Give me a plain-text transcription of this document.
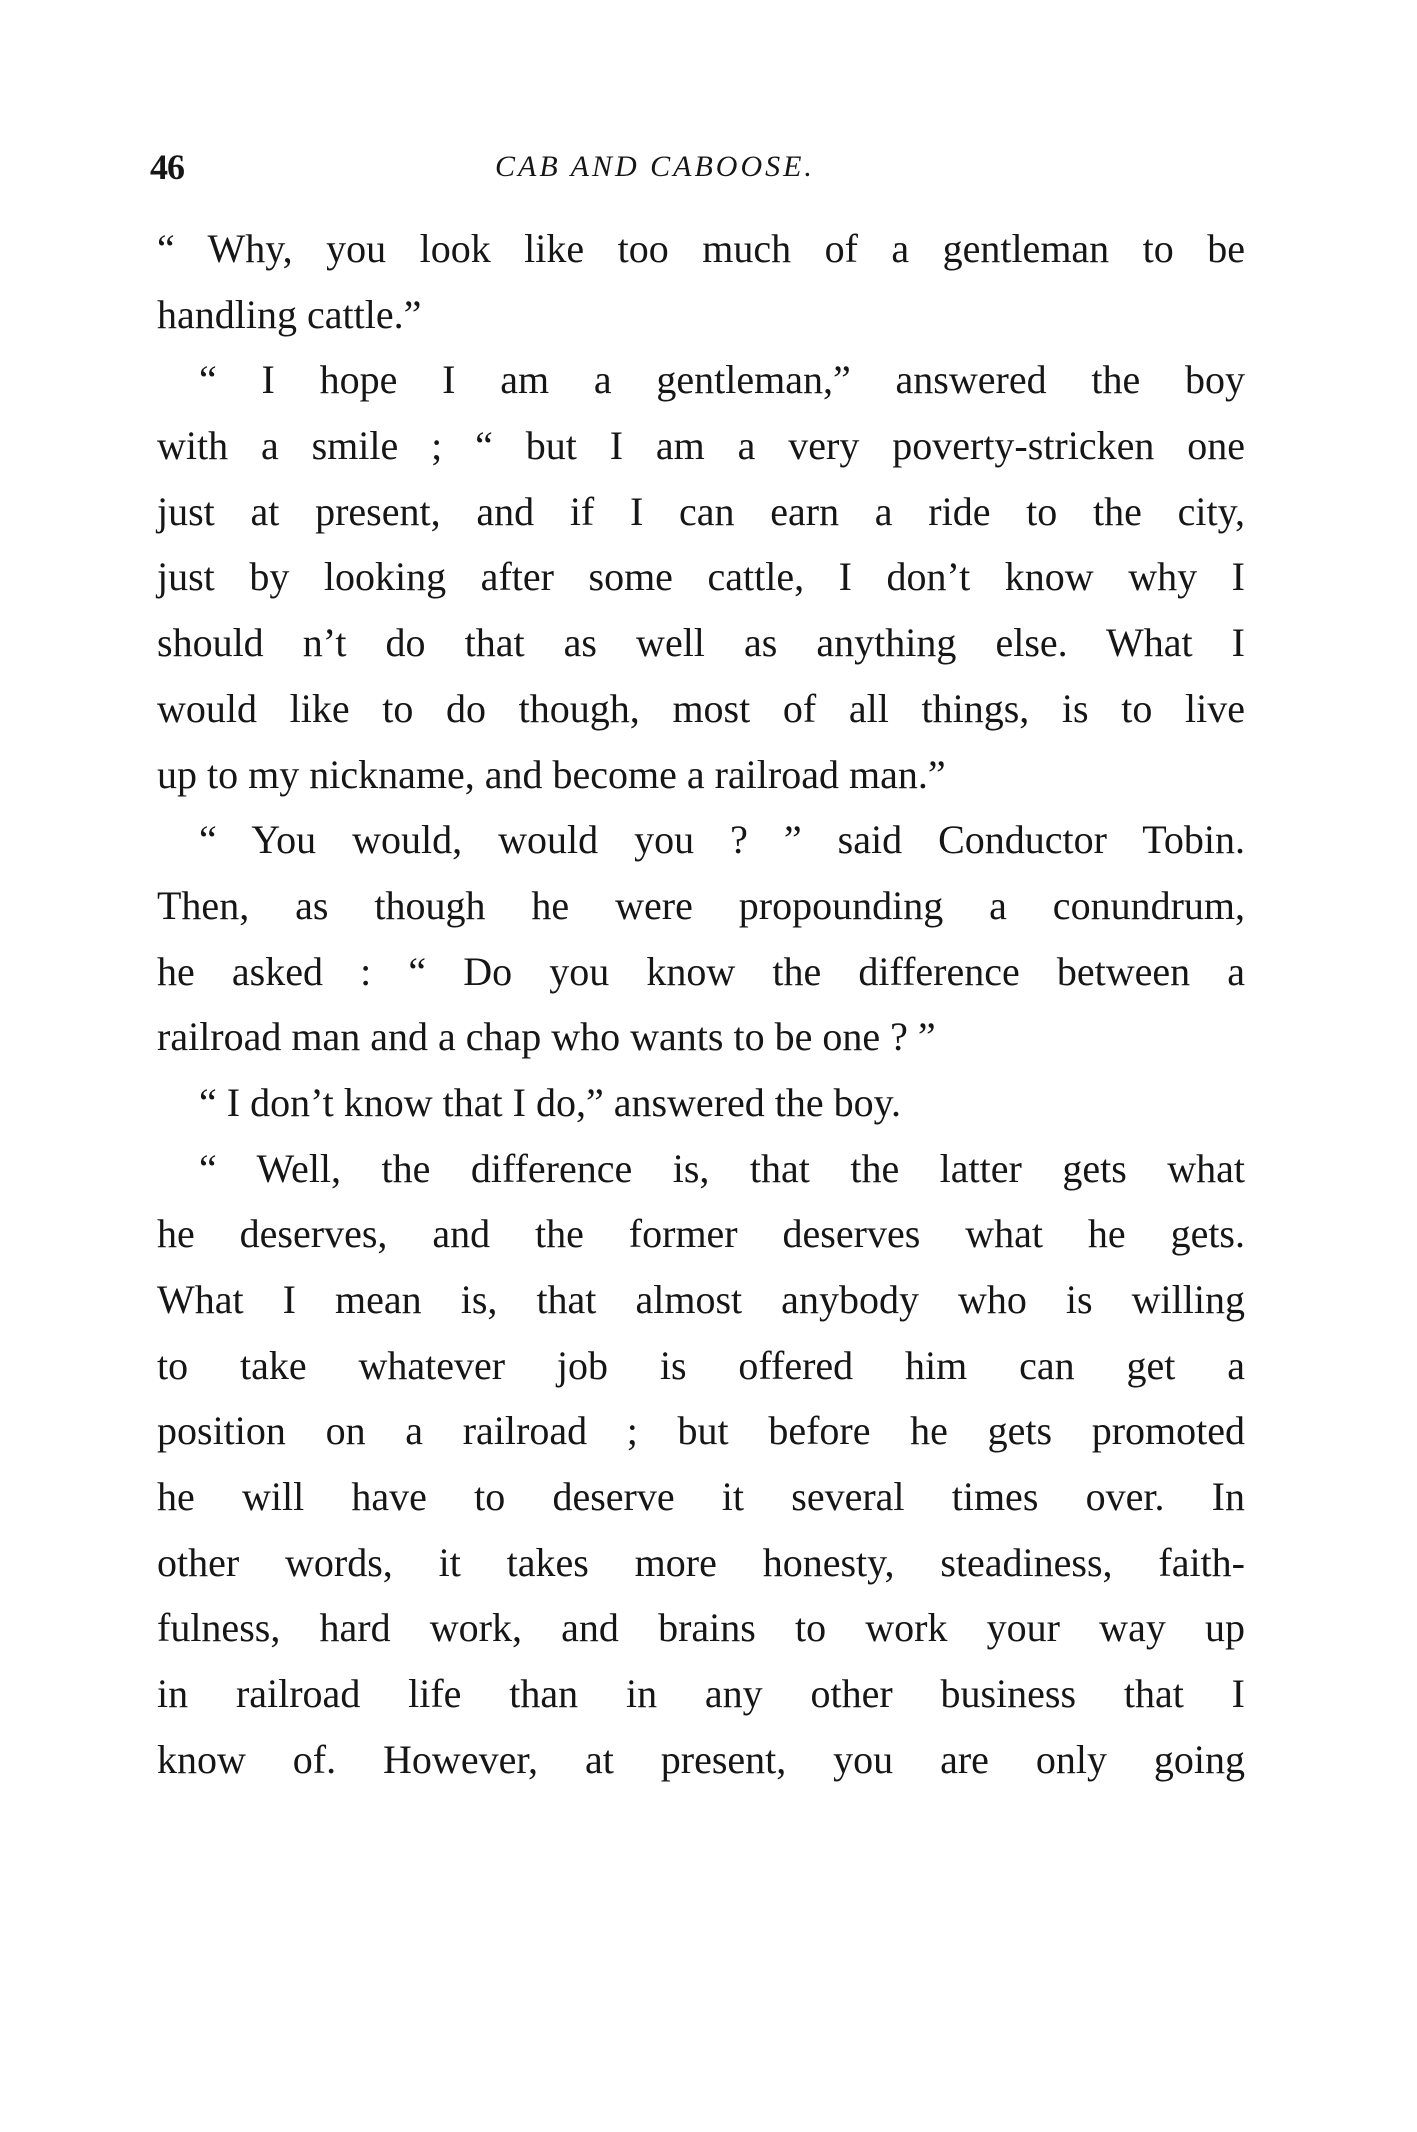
46	CAB AND CABOOSE.
“ Why, you look like too much of a gentleman to be
handling cattle.”
“ I hope I am a gentleman,” answered the boy
with a smile ; “ but I am a very poverty-stricken one
just at present, and if I can earn a ride to the city,
just by looking after some cattle, I don’t know why I
should n’t do that as well as anything else. What I
would like to do though, most of all things, is to live
up to my nickname, and become a railroad man.”
“ You would, would you ? ” said Conductor Tobin.
Then, as though he were propounding a conundrum,
he asked : “ Do you know the difference between a
railroad man and a chap who wants to be one ? ”
“ I don’t know that I do,” answered the boy.
“ Well, the difference is, that the latter gets what
he deserves, and the former deserves what he gets.
What I mean is, that almost anybody who is willing
to take whatever job is offered him can get a
position on a railroad ; but before he gets promoted
he will have to deserve it several times over. In
other words, it takes more honesty, steadiness, faith-
fulness, hard work, and brains to work your way up
in railroad life than in any other business that I
know of. However, at present, you are only going
